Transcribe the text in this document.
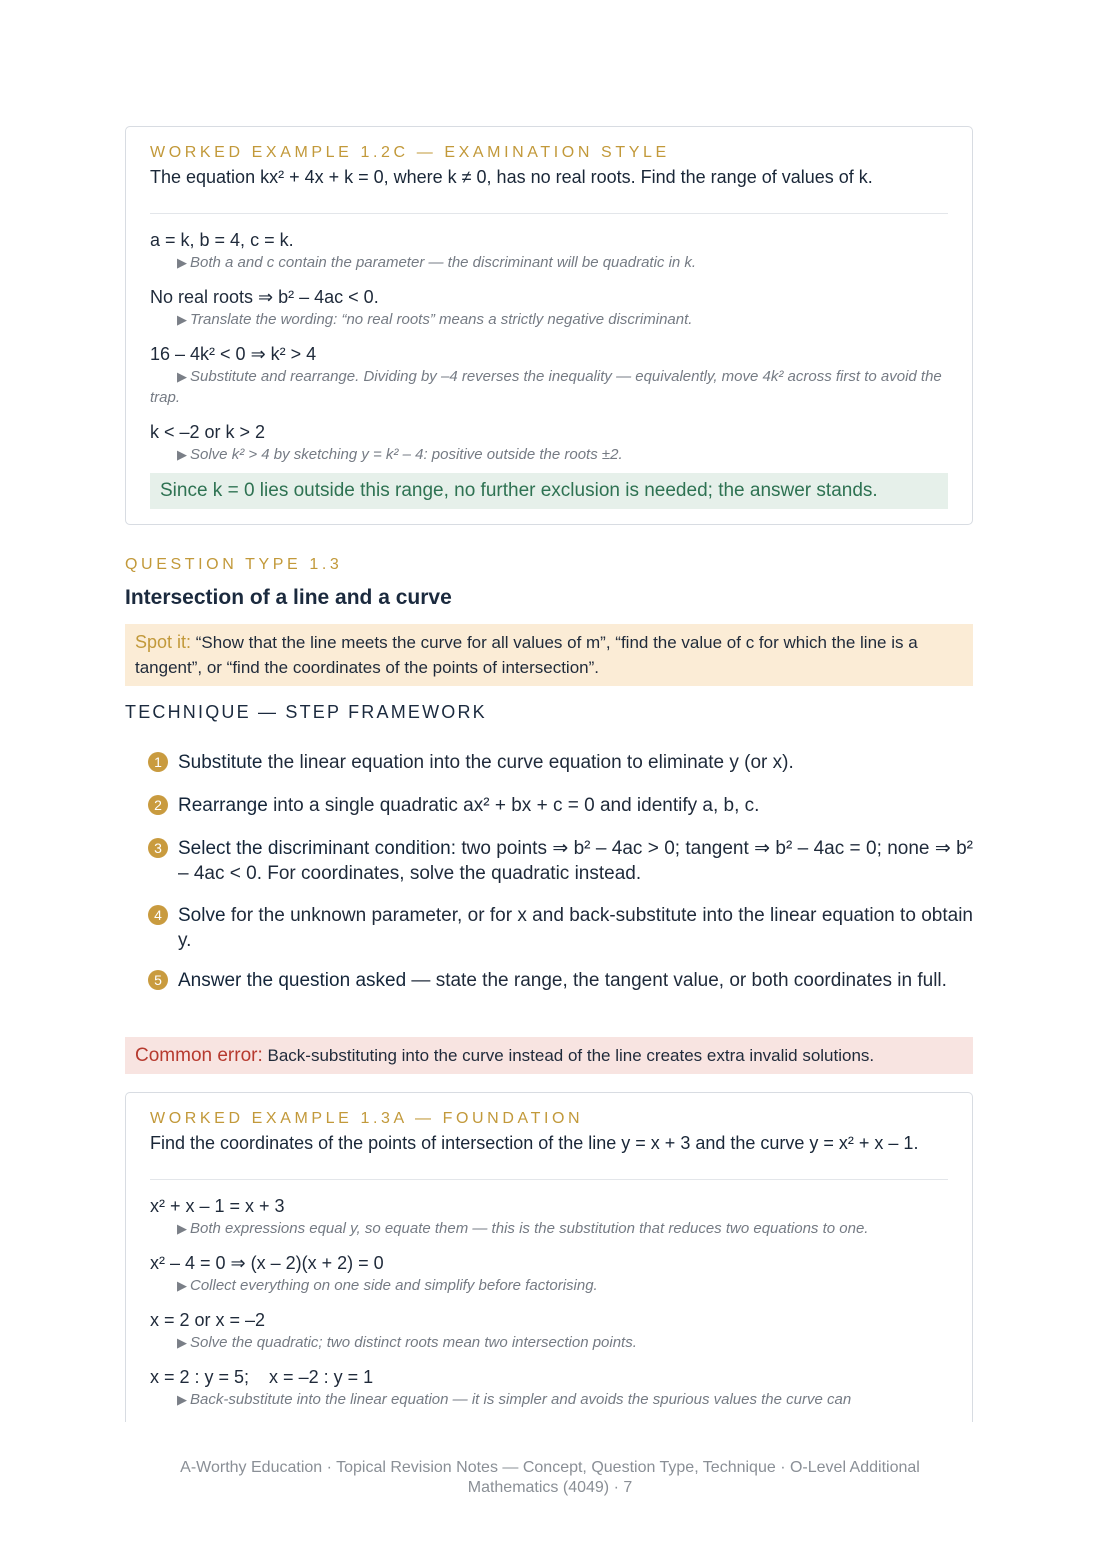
WORKED EXAMPLE 1.2C — EXAMINATION STYLE
The equation kx² + 4x + k = 0, where k ≠ 0, has no real roots. Find the range of values of k.
a = k, b = 4, c = k.
▶ Both a and c contain the parameter — the discriminant will be quadratic in k.
No real roots ⇒ b² – 4ac < 0.
▶ Translate the wording: “no real roots” means a strictly negative discriminant.
16 – 4k² < 0 ⇒ k² > 4
▶ Substitute and rearrange. Dividing by –4 reverses the inequality — equivalently, move 4k² across first to avoid the trap.
k < –2 or k > 2
▶ Solve k² > 4 by sketching y = k² – 4: positive outside the roots ±2.
Since k = 0 lies outside this range, no further exclusion is needed; the answer stands.
QUESTION TYPE 1.3
Intersection of a line and a curve
Spot it: “Show that the line meets the curve for all values of m”, “find the value of c for which the line is a tangent”, or “find the coordinates of the points of intersection”.
TECHNIQUE — STEP FRAMEWORK
1 Substitute the linear equation into the curve equation to eliminate y (or x).
2 Rearrange into a single quadratic ax² + bx + c = 0 and identify a, b, c.
3 Select the discriminant condition: two points ⇒ b² – 4ac > 0; tangent ⇒ b² – 4ac = 0; none ⇒ b² – 4ac < 0. For coordinates, solve the quadratic instead.
4 Solve for the unknown parameter, or for x and back-substitute into the linear equation to obtain y.
5 Answer the question asked — state the range, the tangent value, or both coordinates in full.
Common error: Back-substituting into the curve instead of the line creates extra invalid solutions.
WORKED EXAMPLE 1.3A — FOUNDATION
Find the coordinates of the points of intersection of the line y = x + 3 and the curve y = x² + x – 1.
x² + x – 1 = x + 3
▶ Both expressions equal y, so equate them — this is the substitution that reduces two equations to one.
x² – 4 = 0 ⇒ (x – 2)(x + 2) = 0
▶ Collect everything on one side and simplify before factorising.
x = 2 or x = –2
▶ Solve the quadratic; two distinct roots mean two intersection points.
x = 2 : y = 5;    x = –2 : y = 1
▶ Back-substitute into the linear equation — it is simpler and avoids the spurious values the curve can
A-Worthy Education · Topical Revision Notes — Concept, Question Type, Technique · O-Level Additional
Mathematics (4049) · 7
